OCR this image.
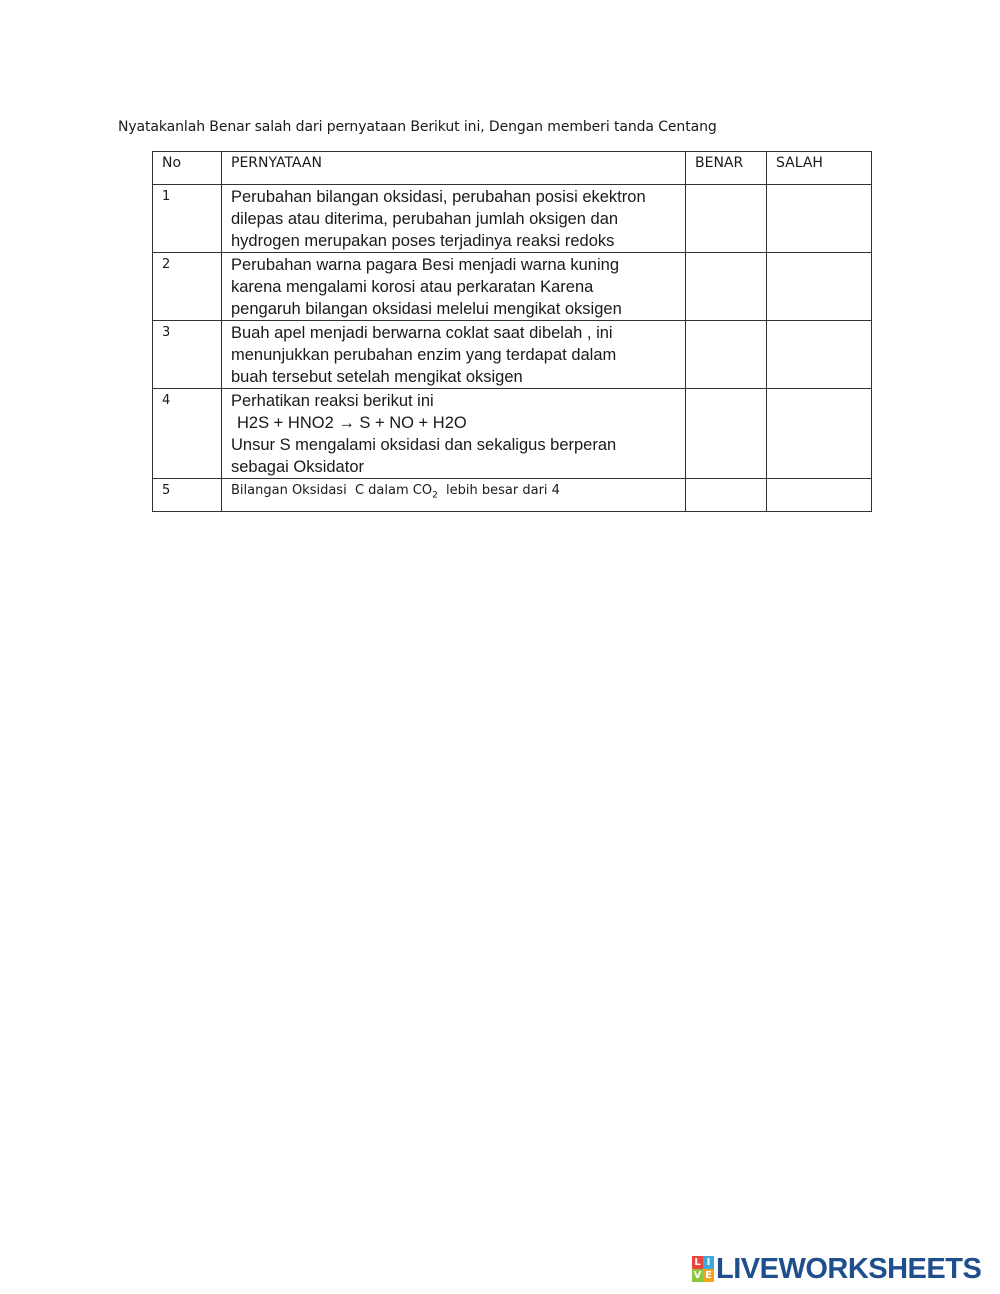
Nyatakanlah Benar salah dari pernyataan Berikut ini, Dengan memberi tanda Centang
No	PERNYATAAN	BENAR	SALAH

1	Perubahan bilangan oksidasi, perubahan posisi ekektron
dilepas atau diterima, perubahan jumlah oksigen dan
hydrogen merupakan poses terjadinya reaksi redoks		

2	Perubahan warna pagara Besi menjadi warna kuning
karena mengalami korosi atau perkaratan Karena
pengaruh bilangan oksidasi melelui mengikat oksigen		

3	Buah apel menjadi berwarna coklat saat dibelah , ini
menunjukkan perubahan enzim yang terdapat dalam
buah tersebut setelah mengikat oksigen		

4	Perhatikan reaksi berikut ini
H2S + HNO2 → S + NO + H2O
Unsur S mengalami oksidasi dan sekaligus berperan
sebagai Oksidator		

5	Bilangan Oksidasi  C dalam $CO_2$  lebih besar dari 4		

L I
V E LIVEWORKSHEETS
